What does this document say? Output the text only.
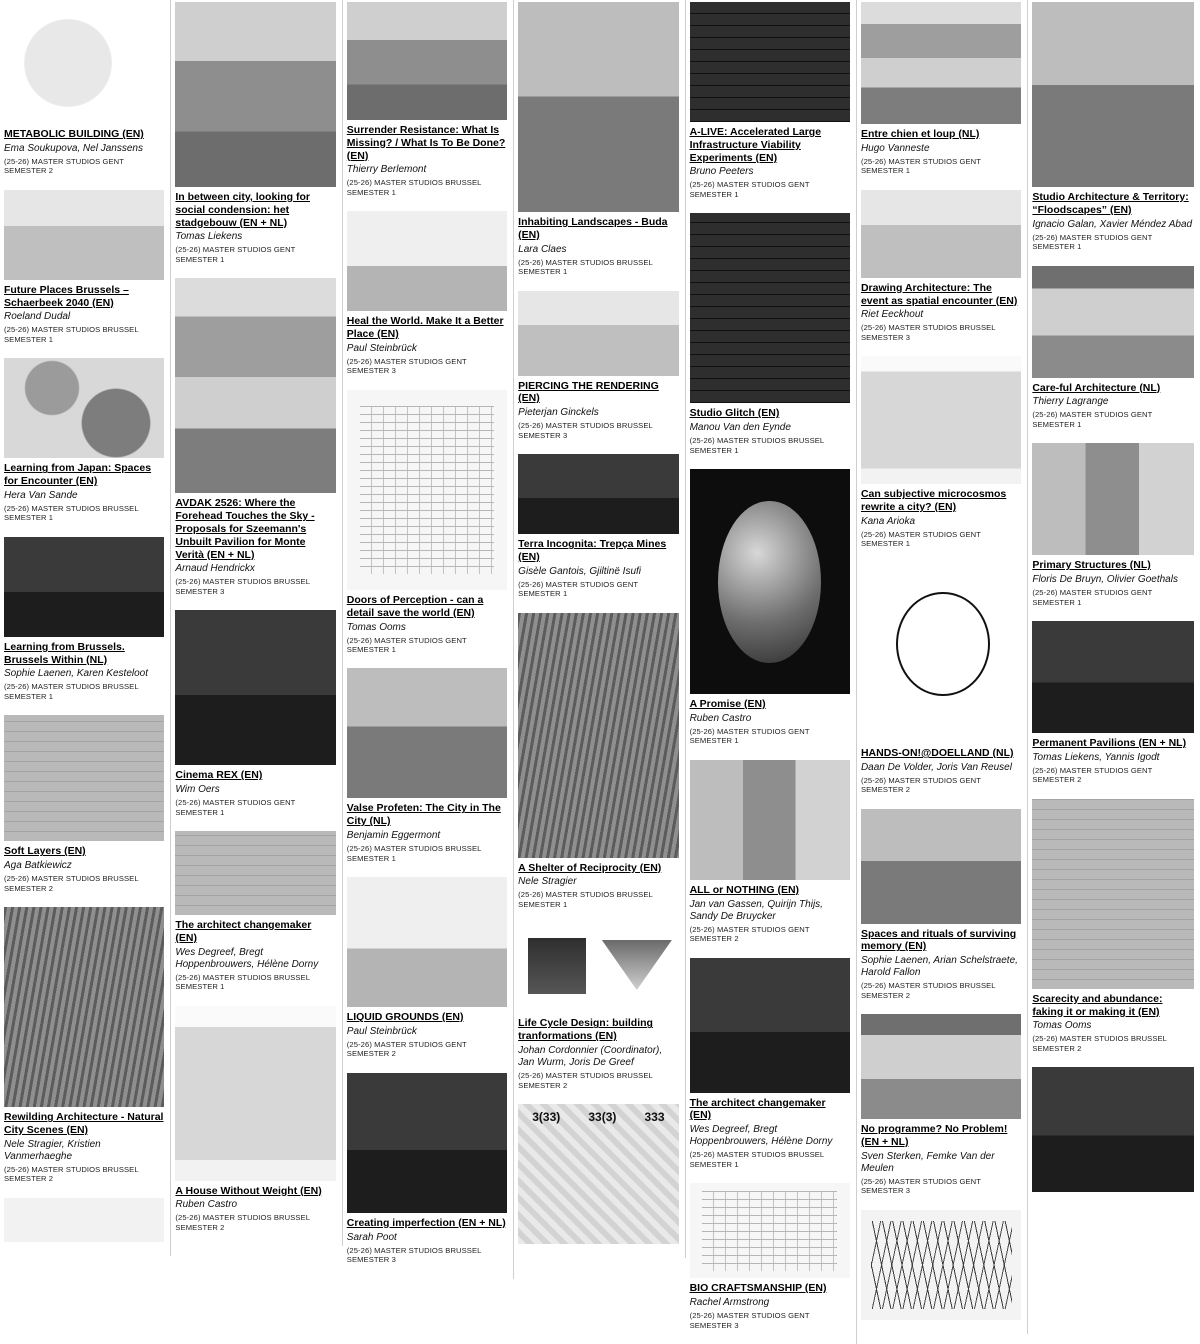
METABOLIC BUILDING (EN)
Ema Soukupova, Nel Janssens
(25-26) MASTER STUDIOS GENT SEMESTER 2
Future Places Brussels – Schaerbeek 2040 (EN)
Roeland Dudal
(25-26) MASTER STUDIOS BRUSSEL SEMESTER 1
Learning from Japan: Spaces for Encounter (EN)
Hera Van Sande
(25-26) MASTER STUDIOS BRUSSEL SEMESTER 1
Learning from Brussels. Brussels Within (NL)
Sophie Laenen, Karen Kesteloot
(25-26) MASTER STUDIOS BRUSSEL SEMESTER 1
Soft Layers (EN)
Aga Batkiewicz
(25-26) MASTER STUDIOS BRUSSEL SEMESTER 2
Rewilding Architecture - Natural City Scenes (EN)
Nele Stragier, Kristien Vanmerhaeghe
(25-26) MASTER STUDIOS BRUSSEL SEMESTER 2
In between city, looking for social condension: het stadgebouw (EN + NL)
Tomas Liekens
(25-26) MASTER STUDIOS GENT SEMESTER 1
AVDAK 2526: Where the Forehead Touches the Sky - Proposals for Szeemann's Unbuilt Pavilion for Monte Verità (EN + NL)
Arnaud Hendrickx
(25-26) MASTER STUDIOS BRUSSEL SEMESTER 3
Cinema REX (EN)
Wim Oers
(25-26) MASTER STUDIOS GENT SEMESTER 1
The architect changemaker (EN)
Wes Degreef, Bregt Hoppenbrouwers, Hélène Dorny
(25-26) MASTER STUDIOS BRUSSEL SEMESTER 1
A House Without Weight (EN)
Ruben Castro
(25-26) MASTER STUDIOS BRUSSEL SEMESTER 2
Surrender Resistance: What Is Missing? / What Is To Be Done? (EN)
Thierry Berlemont
(25-26) MASTER STUDIOS BRUSSEL SEMESTER 1
Heal the World. Make It a Better Place (EN)
Paul Steinbrück
(25-26) MASTER STUDIOS GENT SEMESTER 3
Doors of Perception - can a detail save the world (EN)
Tomas Ooms
(25-26) MASTER STUDIOS GENT SEMESTER 1
Valse Profeten: The City in The City (NL)
Benjamin Eggermont
(25-26) MASTER STUDIOS BRUSSEL SEMESTER 1
LIQUID GROUNDS (EN)
Paul Steinbrück
(25-26) MASTER STUDIOS GENT SEMESTER 2
Creating imperfection (EN + NL)
Sarah Poot
(25-26) MASTER STUDIOS BRUSSEL SEMESTER 3
Inhabiting Landscapes - Buda (EN)
Lara Claes
(25-26) MASTER STUDIOS BRUSSEL SEMESTER 1
PIERCING THE RENDERING (EN)
Pieterjan Ginckels
(25-26) MASTER STUDIOS BRUSSEL SEMESTER 3
Terra Incognita: Trepça Mines (EN)
Gisèle Gantois, Gjiltinë Isufi
(25-26) MASTER STUDIOS GENT SEMESTER 1
A Shelter of Reciprocity (EN)
Nele Stragier
(25-26) MASTER STUDIOS BRUSSEL SEMESTER 1
Life Cycle Design: building tranformations (EN)
Johan Cordonnier (Coordinator), Jan Wurm, Joris De Greef
(25-26) MASTER STUDIOS BRUSSEL SEMESTER 2
3(33) 33(3) 333
A-LIVE: Accelerated Large Infrastructure Viability Experiments (EN)
Bruno Peeters
(25-26) MASTER STUDIOS GENT SEMESTER 1
Studio Glitch (EN)
Manou Van den Eynde
(25-26) MASTER STUDIOS BRUSSEL SEMESTER 1
A Promise (EN)
Ruben Castro
(25-26) MASTER STUDIOS GENT SEMESTER 1
ALL or NOTHING (EN)
Jan van Gassen, Quirijn Thijs, Sandy De Bruycker
(25-26) MASTER STUDIOS GENT SEMESTER 2
The architect changemaker (EN)
Wes Degreef, Bregt Hoppenbrouwers, Hélène Dorny
(25-26) MASTER STUDIOS BRUSSEL SEMESTER 1
BIO CRAFTSMANSHIP (EN)
Rachel Armstrong
(25-26) MASTER STUDIOS GENT SEMESTER 3
Entre chien et loup (NL)
Hugo Vanneste
(25-26) MASTER STUDIOS GENT SEMESTER 1
Drawing Architecture: The event as spatial encounter (EN)
Riet Eeckhout
(25-26) MASTER STUDIOS BRUSSEL SEMESTER 3
Can subjective microcosmos rewrite a city? (EN)
Kana Arioka
(25-26) MASTER STUDIOS GENT SEMESTER 1
HANDS-ON!@DOELLAND (NL)
Daan De Volder, Joris Van Reusel
(25-26) MASTER STUDIOS GENT SEMESTER 2
Spaces and rituals of surviving memory (EN)
Sophie Laenen, Arian Schelstraete, Harold Fallon
(25-26) MASTER STUDIOS BRUSSEL SEMESTER 2
No programme? No Problem! (EN + NL)
Sven Sterken, Femke Van der Meulen
(25-26) MASTER STUDIOS GENT SEMESTER 3
Studio Architecture & Territory: “Floodscapes” (EN)
Ignacio Galan, Xavier Méndez Abad
(25-26) MASTER STUDIOS GENT SEMESTER 1
Care-ful Architecture (NL)
Thierry Lagrange
(25-26) MASTER STUDIOS GENT SEMESTER 1
Primary Structures (NL)
Floris De Bruyn, Olivier Goethals
(25-26) MASTER STUDIOS GENT SEMESTER 1
Permanent Pavilions (EN + NL)
Tomas Liekens, Yannis Igodt
(25-26) MASTER STUDIOS GENT SEMESTER 2
Scarecity and abundance: faking it or making it (EN)
Tomas Ooms
(25-26) MASTER STUDIOS BRUSSEL SEMESTER 2
